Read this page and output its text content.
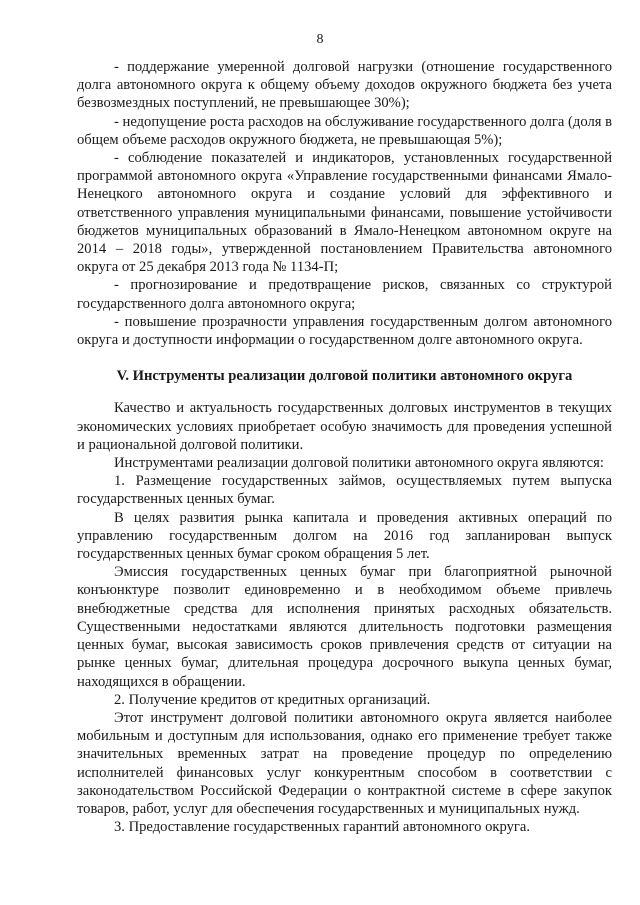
8

- поддержание умеренной долговой нагрузки (отношение государственного долга автономного округа к общему объему доходов окружного бюджета без учета безвозмездных поступлений, не превышающее 30%);

- недопущение роста расходов на обслуживание государственного долга (доля в общем объеме расходов окружного бюджета, не превышающая 5%);

- соблюдение показателей и индикаторов, установленных государственной программой автономного округа «Управление государственными финансами Ямало-Ненецкого автономного округа и создание условий для эффективного и ответственного управления муниципальными финансами, повышение устойчивости бюджетов муниципальных образований в Ямало-Ненецком автономном округе на 2014 – 2018 годы», утвержденной постановлением Правительства автономного округа от 25 декабря 2013 года № 1134-П;

- прогнозирование и предотвращение рисков, связанных со структурой государственного долга автономного округа;

- повышение прозрачности управления государственным долгом автономного округа и доступности информации о государственном долге автономного округа.

V. Инструменты реализации долговой политики автономного округа

Качество и актуальность государственных долговых инструментов в текущих экономических условиях приобретает особую значимость для проведения успешной и рациональной долговой политики.

Инструментами реализации долговой политики автономного округа являются:

1. Размещение государственных займов, осуществляемых путем выпуска государственных ценных бумаг.

В целях развития рынка капитала и проведения активных операций по управлению государственным долгом на 2016 год запланирован выпуск государственных ценных бумаг сроком обращения 5 лет.

Эмиссия государственных ценных бумаг при благоприятной рыночной конъюнктуре позволит единовременно и в необходимом объеме привлечь внебюджетные средства для исполнения принятых расходных обязательств. Существенными недостатками являются длительность подготовки размещения ценных бумаг, высокая зависимость сроков привлечения средств от ситуации на рынке ценных бумаг, длительная процедура досрочного выкупа ценных бумаг, находящихся в обращении.

2. Получение кредитов от кредитных организаций.

Этот инструмент долговой политики автономного округа является наиболее мобильным и доступным для использования, однако его применение требует также значительных временных затрат на проведение процедур по определению исполнителей финансовых услуг конкурентным способом в соответствии с законодательством Российской Федерации о контрактной системе в сфере закупок товаров, работ, услуг для обеспечения государственных и муниципальных нужд.

3. Предоставление государственных гарантий автономного округа.
